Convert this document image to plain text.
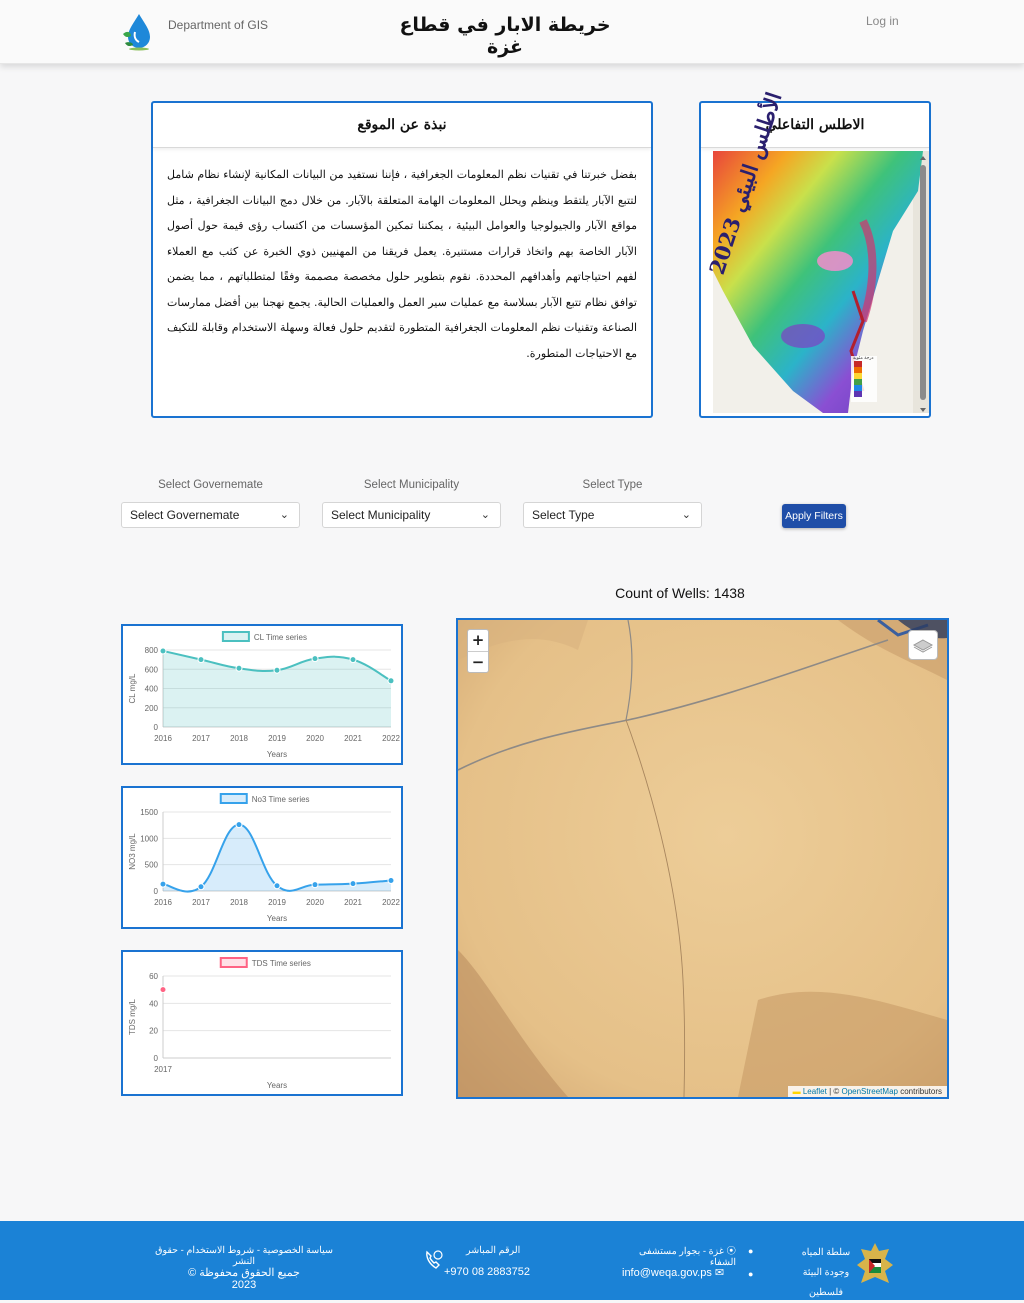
Department of GIS	خريطة الابار في قطاع غزة
Log in
نبذة عن الموقع

بفضل خبرتنا في تقنيات نظم المعلومات الجغرافية ، فإننا نستفيد من البيانات المكانية لإنشاء نظام شامل لتتبع الآبار يلتقط وينظم ويحلل المعلومات الهامة المتعلقة بالآبار. من خلال دمج البيانات الجغرافية ، مثل مواقع الآبار والجيولوجيا والعوامل البيئية ، يمكننا تمكين المؤسسات من اكتساب رؤى قيمة حول أصول الآبار الخاصة بهم واتخاذ قرارات مستنيرة. يعمل فريقنا من المهنيين ذوي الخبرة عن كثب مع العملاء لفهم احتياجاتهم وأهدافهم المحددة. نقوم بتطوير حلول مخصصة مصممة وفقًا لمتطلباتهم ، مما يضمن توافق نظام تتبع الآبار بسلاسة مع عمليات سير العمل والعمليات الحالية. يجمع نهجنا بين أفضل ممارسات الصناعة وتقنيات نظم المعلومات الجغرافية المتطورة لتقديم حلول فعالة وسهلة الاستخدام وقابلة للتكيف مع الاحتياجات المتطورة.

الاطلس التفاعلي
الأطلس البيئي 2023
درجة مئوية
Select Governemate
Select Governemate	⌄
Select Municipality
Select Municipality	⌄
Select Type
Select Type	⌄	Apply Filters
Count of Wells: 1438
CL Time series
0
200
400
600
800
2016	2017	2018	2019	2020	2021	2022
Years
CL mg/L
No3 Time series
0
500
1000
1500
2016	2017	2018	2019	2020	2021	2022
Years
NO3 mg/L
TDS Time series
0
20
40
60
2017
Years
TDS mg/L
+
−
▬ Leaflet | © OpenStreetMap contributors
سلطة المياه
وجودة البيئة
فلسطين
●
●
⦿ غزة - بجوار مستشفى الشفاء
info@weqa.gov.ps ✉
الرقم المباشر
+970 08 2883752
سياسة الخصوصية - شروط الاستخدام - حقوق النشر
جميع الحقوق محفوظة © 2023
